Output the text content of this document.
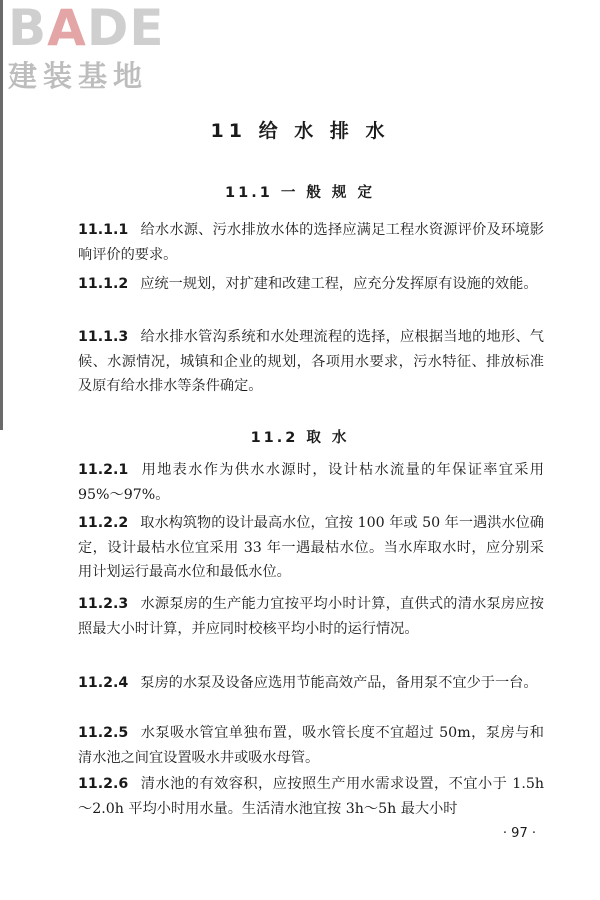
BADE
建装基地
11 给 水 排 水
11.1 一 般 规 定
11.1.1 给水水源、污水排放水体的选择应满足工程水资源评价及环境影响评价的要求。
11.1.2 应统一规划，对扩建和改建工程，应充分发挥原有设施的效能。
11.1.3 给水排水管沟系统和水处理流程的选择，应根据当地的地形、气候、水源情况，城镇和企业的规划，各项用水要求，污水特征、排放标准及原有给水排水等条件确定。
11.2 取 水
11.2.1 用地表水作为供水水源时，设计枯水流量的年保证率宜采用 95%～97%。
11.2.2 取水构筑物的设计最高水位，宜按 100 年或 50 年一遇洪水位确定，设计最枯水位宜采用 33 年一遇最枯水位。当水库取水时，应分别采用计划运行最高水位和最低水位。
11.2.3 水源泵房的生产能力宜按平均小时计算，直供式的清水泵房应按照最大小时计算，并应同时校核平均小时的运行情况。
11.2.4 泵房的水泵及设备应选用节能高效产品，备用泵不宜少于一台。
11.2.5 水泵吸水管宜单独布置，吸水管长度不宜超过 50m，泵房与和清水池之间宜设置吸水井或吸水母管。
11.2.6 清水池的有效容积，应按照生产用水需求设置，不宜小于 1.5h～2.0h 平均小时用水量。生活清水池宜按 3h～5h 最大小时
· 97 ·
